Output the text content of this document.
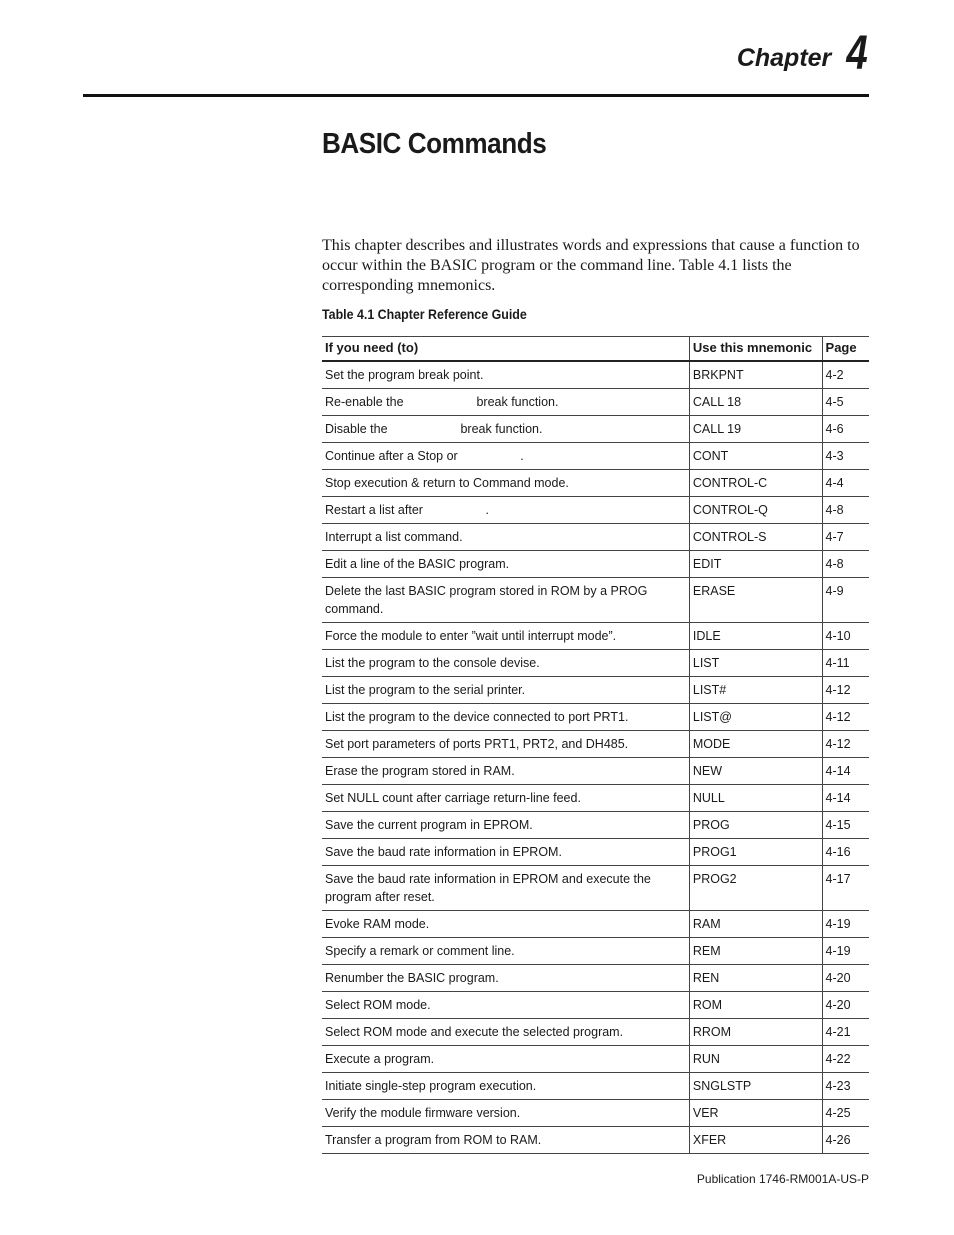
Chapter 4
BASIC Commands

This chapter describes and illustrates words and expressions that cause a function to occur within the BASIC program or the command line. Table 4.1 lists the corresponding mnemonics.

Table 4.1 Chapter Reference Guide

If you need (to)	Use this mnemonic	Page
Set the program break point.	BRKPNT	4-2
Re-enable the                     break function.	CALL 18	4-5
Disable the                     break function.	CALL 19	4-6
Continue after a Stop or                  .	CONT	4-3
Stop execution & return to Command mode.	CONTROL-C	4-4
Restart a list after                  .	CONTROL-Q	4-8
Interrupt a list command.	CONTROL-S	4-7
Edit a line of the BASIC program.	EDIT	4-8
Delete the last BASIC program stored in ROM by a PROG command.	ERASE	4-9
Force the module to enter ”wait until interrupt mode”.	IDLE	4-10
List the program to the console devise.	LIST	4-11
List the program to the serial printer.	LIST#	4-12
List the program to the device connected to port PRT1.	LIST@	4-12
Set port parameters of ports PRT1, PRT2, and DH485.	MODE	4-12
Erase the program stored in RAM.	NEW	4-14
Set NULL count after carriage return-line feed.	NULL	4-14
Save the current program in EPROM.	PROG	4-15
Save the baud rate information in EPROM.	PROG1	4-16
Save the baud rate information in EPROM and execute the program after reset.	PROG2	4-17
Evoke RAM mode.	RAM	4-19
Specify a remark or comment line.	REM	4-19
Renumber the BASIC program.	REN	4-20
Select ROM mode.	ROM	4-20
Select ROM mode and execute the selected program.	RROM	4-21
Execute a program.	RUN	4-22
Initiate single-step program execution.	SNGLSTP	4-23
Verify the module firmware version.	VER	4-25
Transfer a program from ROM to RAM.	XFER	4-26

Publication 1746-RM001A-US-P
